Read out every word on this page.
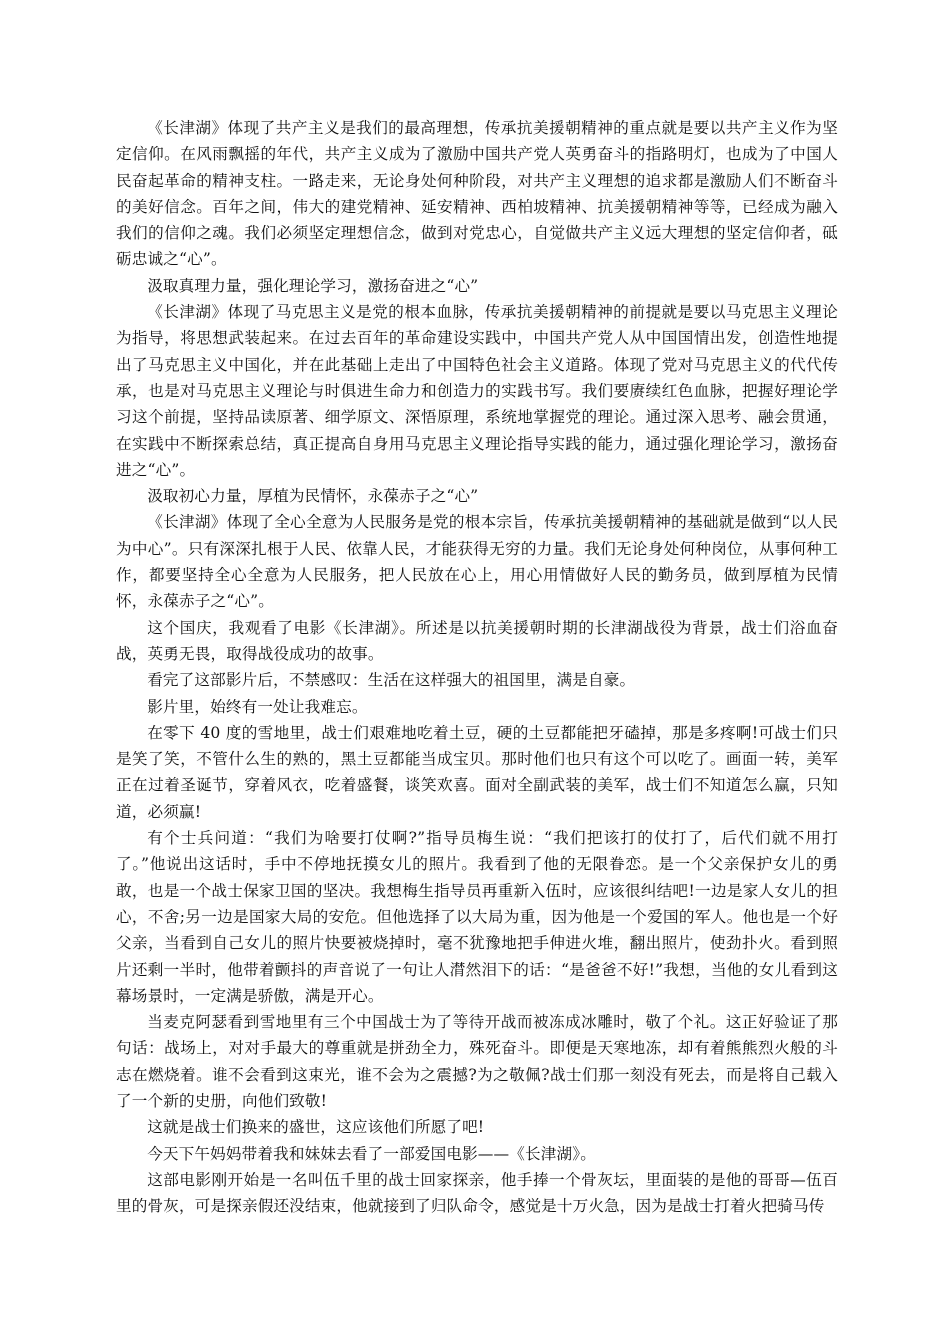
《长津湖》体现了共产主义是我们的最高理想，传承抗美援朝精神的重点就是要以共产主义作为坚定信仰。在风雨飘摇的年代，共产主义成为了激励中国共产党人英勇奋斗的指路明灯，也成为了中国人民奋起革命的精神支柱。一路走来，无论身处何种阶段，对共产主义理想的追求都是激励人们不断奋斗的美好信念。百年之间，伟大的建党精神、延安精神、西柏坡精神、抗美援朝精神等等，已经成为融入我们的信仰之魂。我们必须坚定理想信念，做到对党忠心，自觉做共产主义远大理想的坚定信仰者，砥砺忠诚之“心”。

汲取真理力量，强化理论学习，激扬奋进之“心”

《长津湖》体现了马克思主义是党的根本血脉，传承抗美援朝精神的前提就是要以马克思主义理论为指导，将思想武装起来。在过去百年的革命建设实践中，中国共产党人从中国国情出发，创造性地提出了马克思主义中国化，并在此基础上走出了中国特色社会主义道路。体现了党对马克思主义的代代传承，也是对马克思主义理论与时俱进生命力和创造力的实践书写。我们要赓续红色血脉，把握好理论学习这个前提，坚持品读原著、细学原文、深悟原理，系统地掌握党的理论。通过深入思考、融会贯通，在实践中不断探索总结，真正提高自身用马克思主义理论指导实践的能力，通过强化理论学习，激扬奋进之“心”。

汲取初心力量，厚植为民情怀，永葆赤子之“心”

《长津湖》体现了全心全意为人民服务是党的根本宗旨，传承抗美援朝精神的基础就是做到“以人民为中心”。只有深深扎根于人民、依靠人民，才能获得无穷的力量。我们无论身处何种岗位，从事何种工作，都要坚持全心全意为人民服务，把人民放在心上，用心用情做好人民的勤务员，做到厚植为民情怀，永葆赤子之“心”。

这个国庆，我观看了电影《长津湖》。所述是以抗美援朝时期的长津湖战役为背景，战士们浴血奋战，英勇无畏，取得战役成功的故事。

看完了这部影片后，不禁感叹：生活在这样强大的祖国里，满是自豪。

影片里，始终有一处让我难忘。

在零下 40 度的雪地里，战士们艰难地吃着土豆，硬的土豆都能把牙磕掉，那是多疼啊!可战士们只是笑了笑，不管什么生的熟的，黑土豆都能当成宝贝。那时他们也只有这个可以吃了。画面一转，美军正在过着圣诞节，穿着风衣，吃着盛餐，谈笑欢喜。面对全副武装的美军，战士们不知道怎么赢，只知道，必须赢!

有个士兵问道：“我们为啥要打仗啊?”指导员梅生说：“我们把该打的仗打了，后代们就不用打了。”他说出这话时，手中不停地抚摸女儿的照片。我看到了他的无限眷恋。是一个父亲保护女儿的勇敢，也是一个战士保家卫国的坚决。我想梅生指导员再重新入伍时，应该很纠结吧!一边是家人女儿的担心，不舍;另一边是国家大局的安危。但他选择了以大局为重，因为他是一个爱国的军人。他也是一个好父亲，当看到自己女儿的照片快要被烧掉时，毫不犹豫地把手伸进火堆，翻出照片，使劲扑火。看到照片还剩一半时，他带着颤抖的声音说了一句让人潸然泪下的话：“是爸爸不好!”我想，当他的女儿看到这幕场景时，一定满是骄傲，满是开心。

当麦克阿瑟看到雪地里有三个中国战士为了等待开战而被冻成冰雕时，敬了个礼。这正好验证了那句话：战场上，对对手最大的尊重就是拼劲全力，殊死奋斗。即便是天寒地冻，却有着熊熊烈火般的斗志在燃烧着。谁不会看到这束光，谁不会为之震撼?为之敬佩?战士们那一刻没有死去，而是将自己载入了一个新的史册，向他们致敬!

这就是战士们换来的盛世，这应该他们所愿了吧!

今天下午妈妈带着我和妹妹去看了一部爱国电影——《长津湖》。

这部电影刚开始是一名叫伍千里的战士回家探亲，他手捧一个骨灰坛，里面装的是他的哥哥—伍百里的骨灰，可是探亲假还没结束，他就接到了归队命令，感觉是十万火急，因为是战士打着火把骑马传
